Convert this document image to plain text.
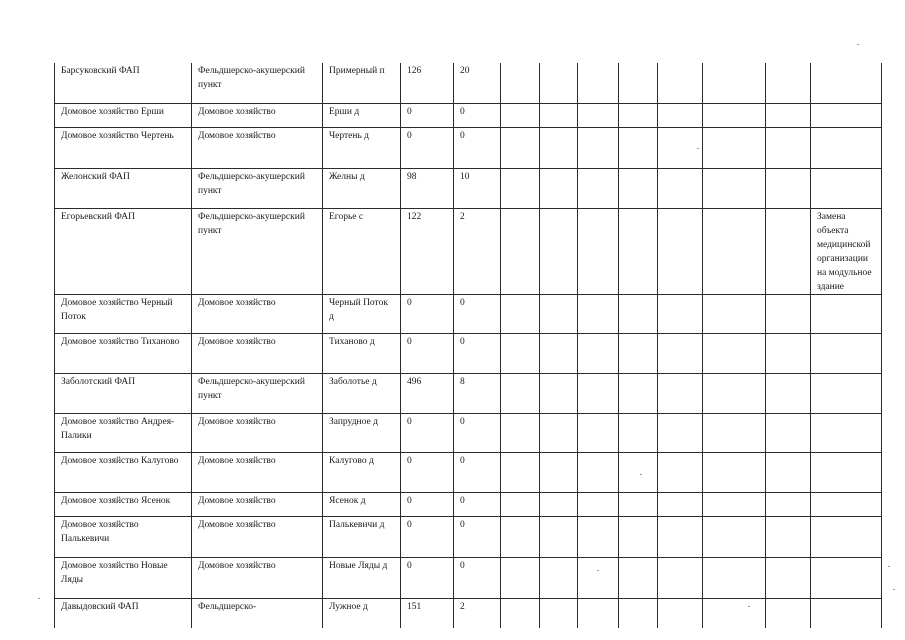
Барсуковский ФАП	Фельдшерско-акушерский пункт	Примерный п	126	20								
Домовое хозяйство Ерши	Домовое хозяйство	Ерши д	0	0								
Домовое хозяйство Чертень	Домовое хозяйство	Чертень д	0	0								
Желонский ФАП	Фельдшерско-акушерский пункт	Желны д	98	10								
Егорьевский ФАП	Фельдшерско-акушерский пункт	Егорье с	122	2								Замена объекта медицинской организации на модульное здание
Домовое хозяйство Черный Поток	Домовое хозяйство	Черный Поток д	0	0								
Домовое хозяйство Тиханово	Домовое хозяйство	Тиханово д	0	0								
Заболотский ФАП	Фельдшерско-акушерский пункт	Заболотье д	496	8								
Домовое хозяйство Андрея-Палики	Домовое хозяйство	Запрудное д	0	0								
Домовое хозяйство Калугово	Домовое хозяйство	Калугово д	0	0								
Домовое хозяйство Ясенок	Домовое хозяйство	Ясенок д	0	0								
Домовое хозяйство Палькевичи	Домовое хозяйство	Палькевичи д	0	0								
Домовое хозяйство Новые Ляды	Домовое хозяйство	Новые Ляды д	0	0								
Давыдовский ФАП	Фельдшерско-	Лужное д	151	2								
